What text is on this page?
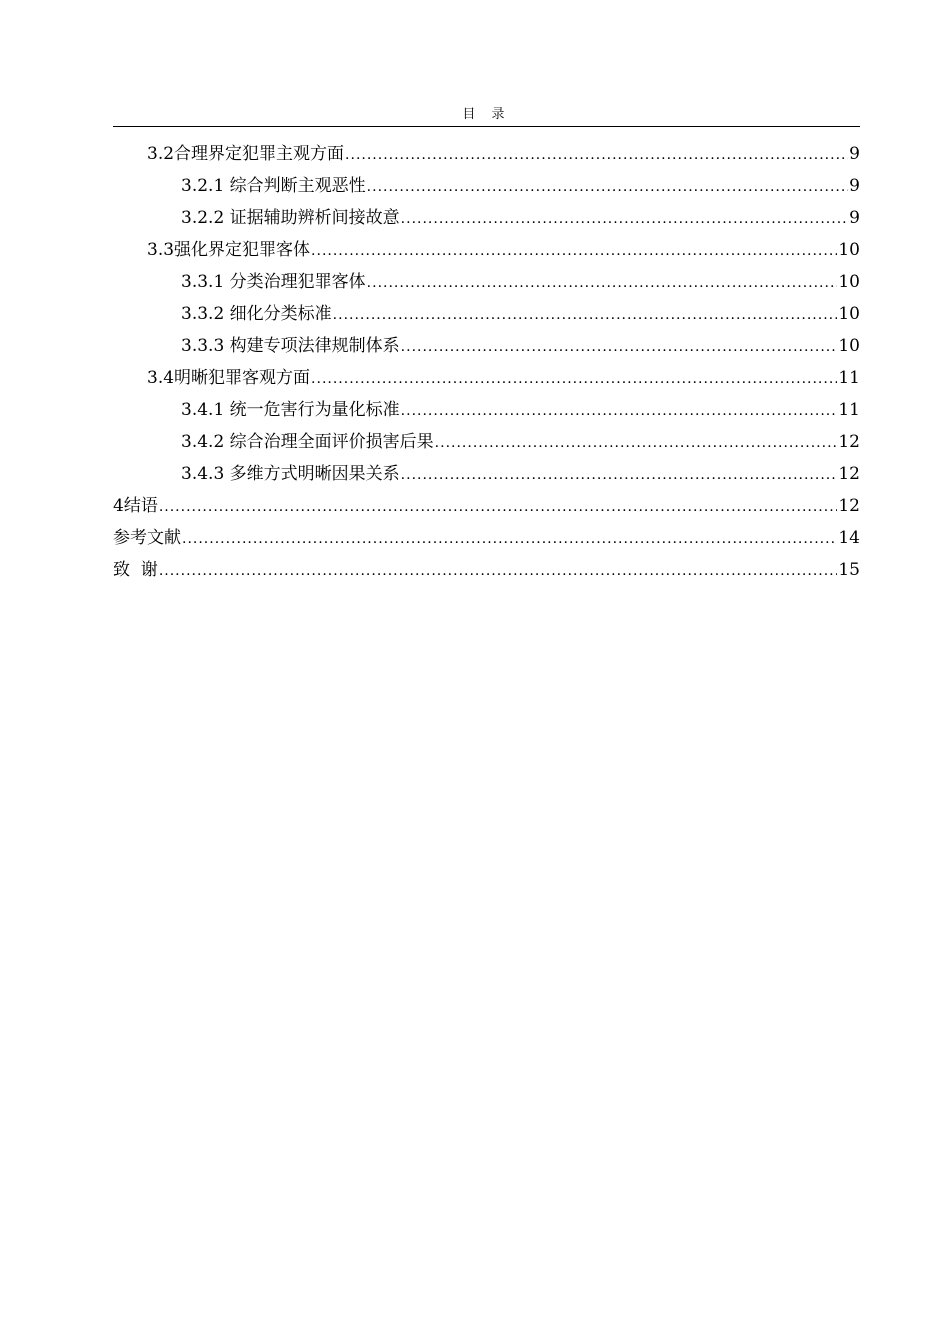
目 录
3.2合理界定犯罪主观方面 .....	9
3.2.1 综合判断主观恶性 .....	9
3.2.2 证据辅助辨析间接故意 .....	9
3.3强化界定犯罪客体 .....	10
3.3.1 分类治理犯罪客体 .....	10
3.3.2 细化分类标准 .....	10
3.3.3 构建专项法律规制体系 .....	10
3.4明晰犯罪客观方面 .....	11
3.4.1 统一危害行为量化标准 .....	11
3.4.2 综合治理全面评价损害后果 .....	12
3.4.3 多维方式明晰因果关系 .....	12
4结语 .....	12
参考文献 .....	14
致  谢 .....	15
